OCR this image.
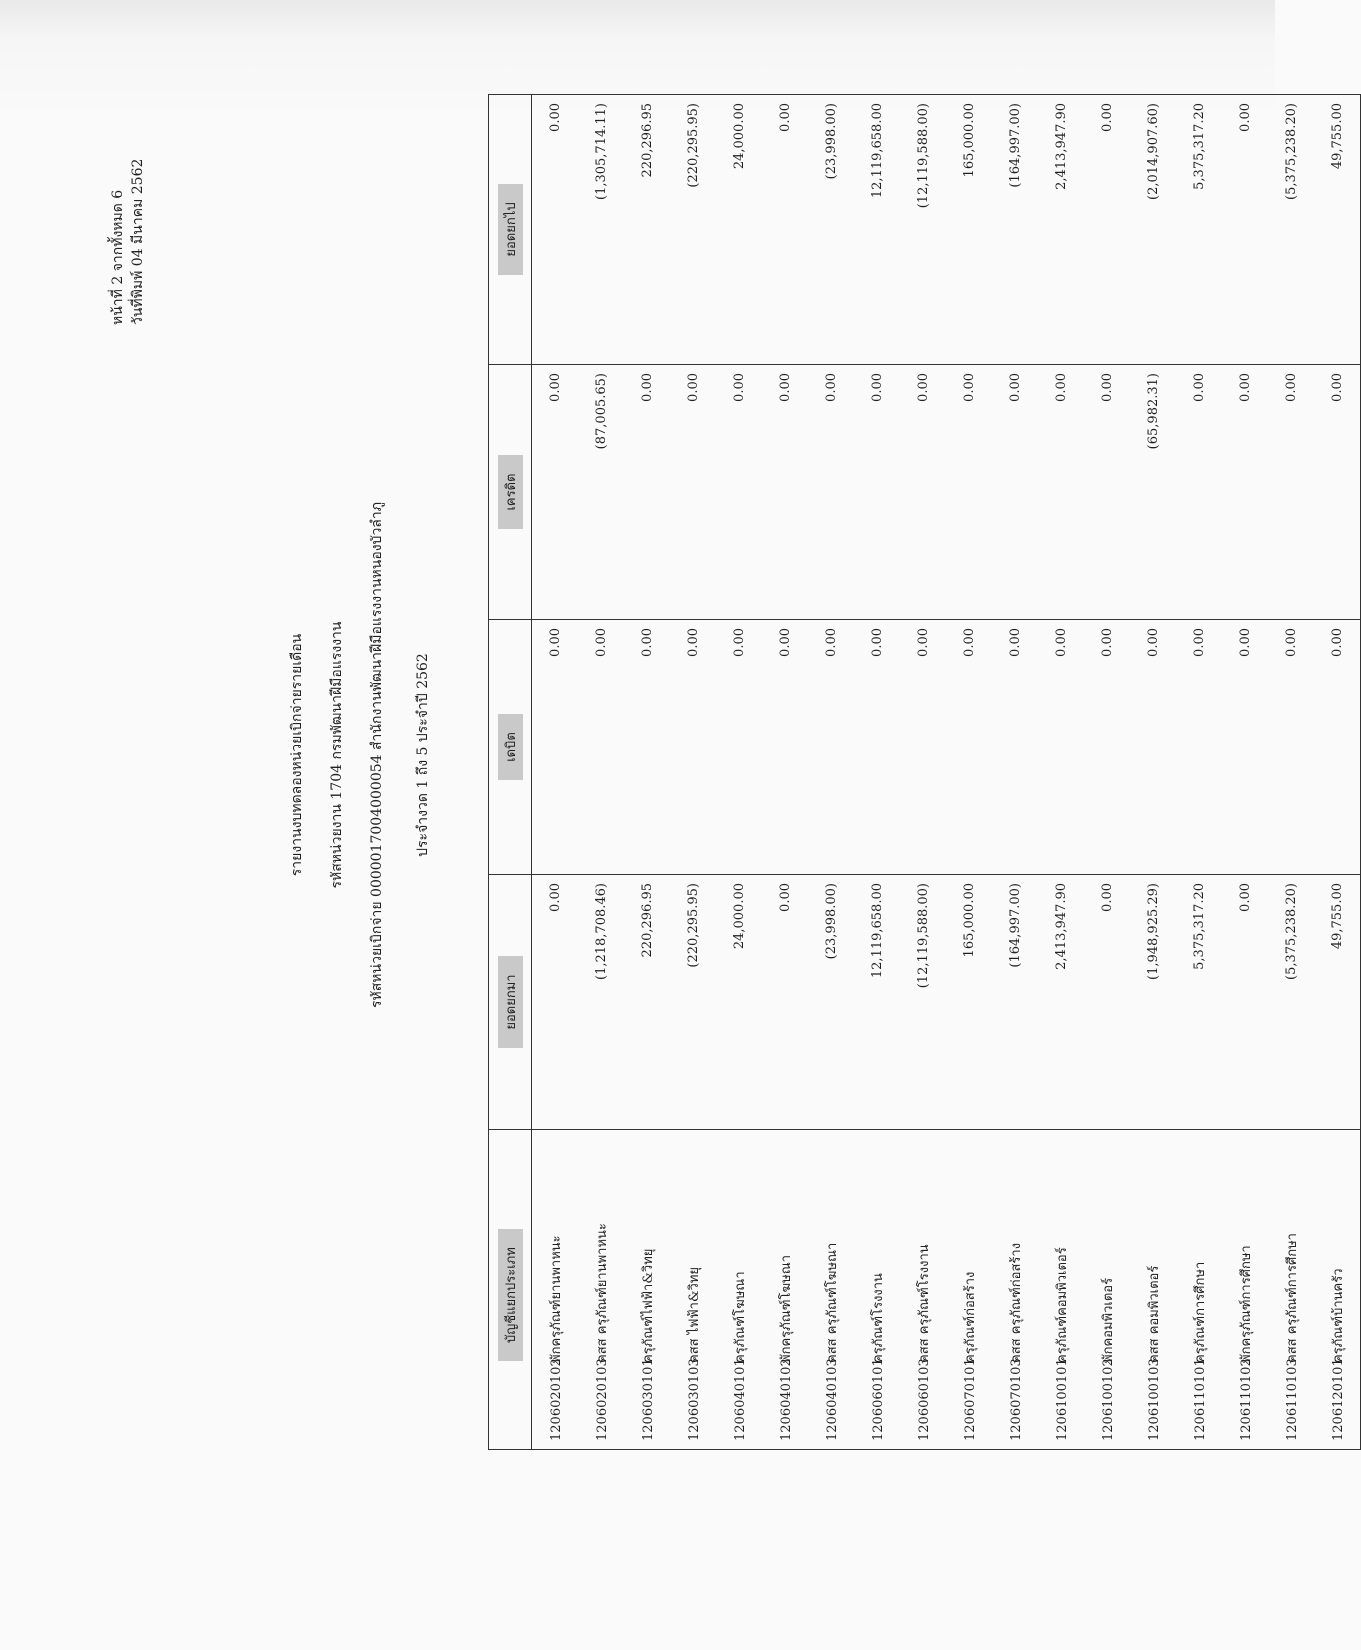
รายงานงบทดลองหน่วยเบิกจ่ายรายเดือน รหัสหน่วยงาน 1704 กรมพัฒนาฝีมือแรงงาน รหัสหน่วยเบิกจ่าย 0000017004000054 สำนักงานพัฒนาฝีมือแรงงานหนองบัวลำภู ประจำงวด 1 ถึง 5 ประจำปี 2562
หน้าที่ 2 จากทั้งหมด 6 วันที่พิมพ์ 04 มีนาคม 2562
บัญชีแยกประเภท	ยอดยกมา	เดบิต	เครดิต	ยอดยกไป
1206020102พักครุภัณฑ์ยานพาหนะ	0.00	0.00	0.00	0.00
1206020103คสส ครุภัณฑ์ยานพาหนะ	(1,218,708.46)	0.00	(87,005.65)	(1,305,714.11)
1206030101ครุภัณฑ์ไฟฟ้า&วิทยุ	220,296.95	0.00	0.00	220,296.95
1206030103คสส ไฟฟ้า&วิทยุ	(220,295.95)	0.00	0.00	(220,295.95)
1206040101ครุภัณฑ์โฆษณา	24,000.00	0.00	0.00	24,000.00
1206040102พักครุภัณฑ์โฆษณา	0.00	0.00	0.00	0.00
1206040103คสส ครุภัณฑ์โฆษณา	(23,998.00)	0.00	0.00	(23,998.00)
1206060101ครุภัณฑ์โรงงาน	12,119,658.00	0.00	0.00	12,119,658.00
1206060103คสส ครุภัณฑ์โรงงาน	(12,119,588.00)	0.00	0.00	(12,119,588.00)
1206070101ครุภัณฑ์ก่อสร้าง	165,000.00	0.00	0.00	165,000.00
1206070103คสส ครุภัณฑ์ก่อสร้าง	(164,997.00)	0.00	0.00	(164,997.00)
1206100101ครุภัณฑ์คอมพิวเตอร์	2,413,947.90	0.00	0.00	2,413,947.90
1206100102พักคอมพิวเตอร์	0.00	0.00	0.00	0.00
1206100103คสส คอมพิวเตอร์	(1,948,925.29)	0.00	(65,982.31)	(2,014,907.60)
1206110101ครุภัณฑ์การศึกษา	5,375,317.20	0.00	0.00	5,375,317.20
1206110102พักครุภัณฑ์การศึกษา	0.00	0.00	0.00	0.00
1206110103คสส ครุภัณฑ์การศึกษา	(5,375,238.20)	0.00	0.00	(5,375,238.20)
1206120101ครุภัณฑ์บ้านครัว	49,755.00	0.00	0.00	49,755.00
